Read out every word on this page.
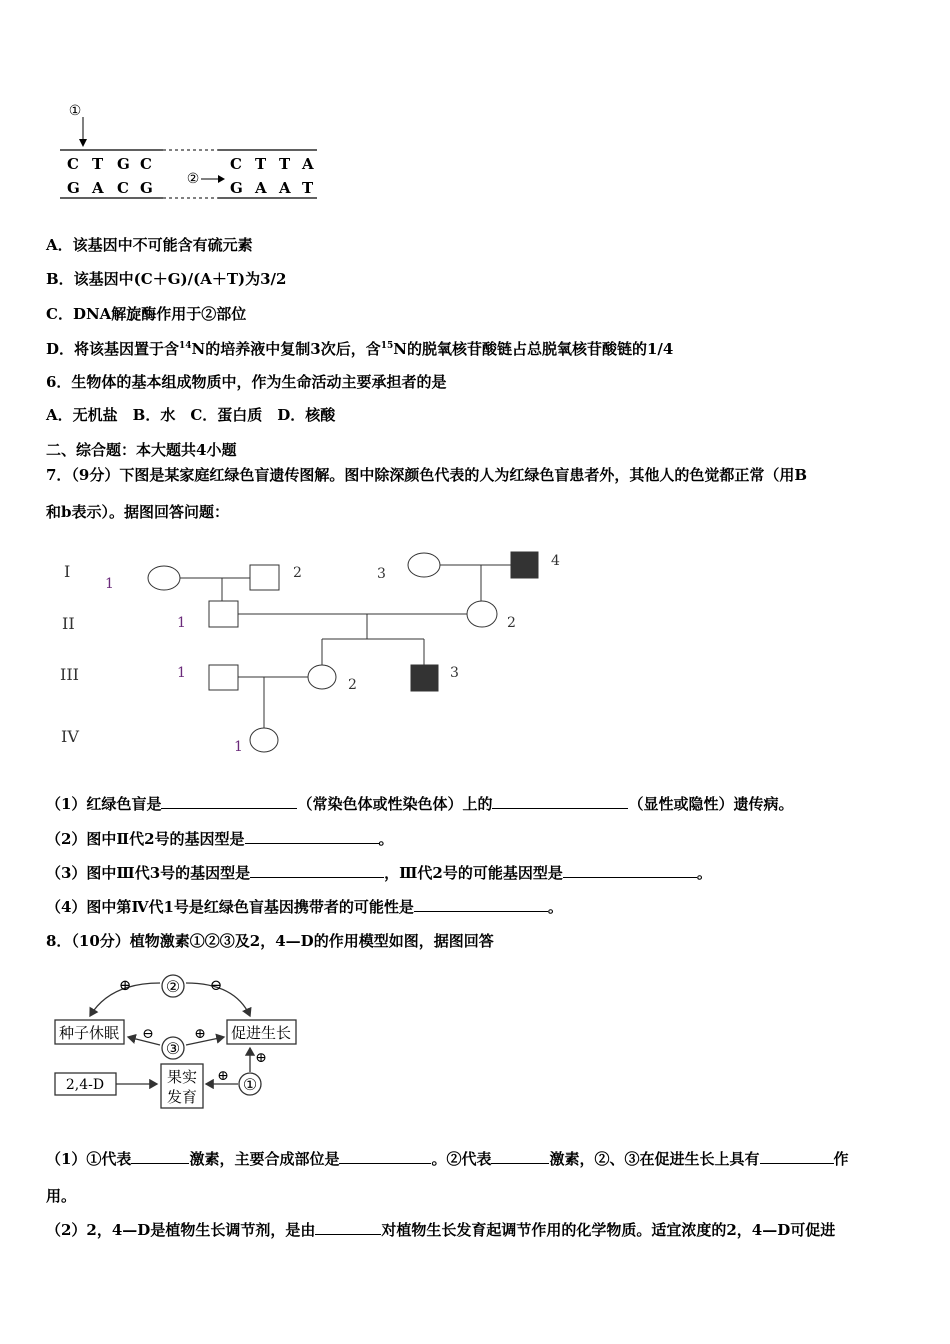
①
C T G C
G A C G ②
C T T A
G A A T
A．该基因中不可能含有硫元素
B．该基因中(C＋G)/(A＋T)为3/2
C．DNA解旋酶作用于②部位
D．将该基因置于含$^{14}$N的培养液中复制3次后，含$^{15}$N的脱氧核苷酸链占总脱氧核苷酸链的1/4
6．生物体的基本组成物质中，作为生命活动主要承担者的是
A．无机盐　B．水　C．蛋白质　D．核酸
二、综合题：本大题共4小题
7．（9分）下图是某家庭红绿色盲遗传图解。图中除深颜色代表的人为红绿色盲患者外，其他人的色觉都正常（用B
和b表示）。据图回答问题：
I
II
III
IV
1
2	3
4
1	2
1
2
3
1
（1）红绿色盲是	（常染色体或性染色体）上的	（显性或隐性）遗传病。
（2）图中Ⅱ代2号的基因型是	。
（3）图中Ⅲ代3号的基因型是	，Ⅲ代2号的可能基因型是	。
（4）图中第Ⅳ代1号是红绿色盲基因携带者的可能性是	。
8．（10分）植物激素①②③及2，4—D的作用模型如图，据图回答
②
⊕	⊖
种子休眠	促进生长
③
⊖	⊕
2,4-D	果实
发育
①
⊕
⊕
（1）①代表	激素，主要合成部位是	。②代表	激素，②、③在促进生长上具有	作
用。
（2）2，4—D是植物生长调节剂，是由	对植物生长发育起调节作用的化学物质。适宜浓度的2，4—D可促进
